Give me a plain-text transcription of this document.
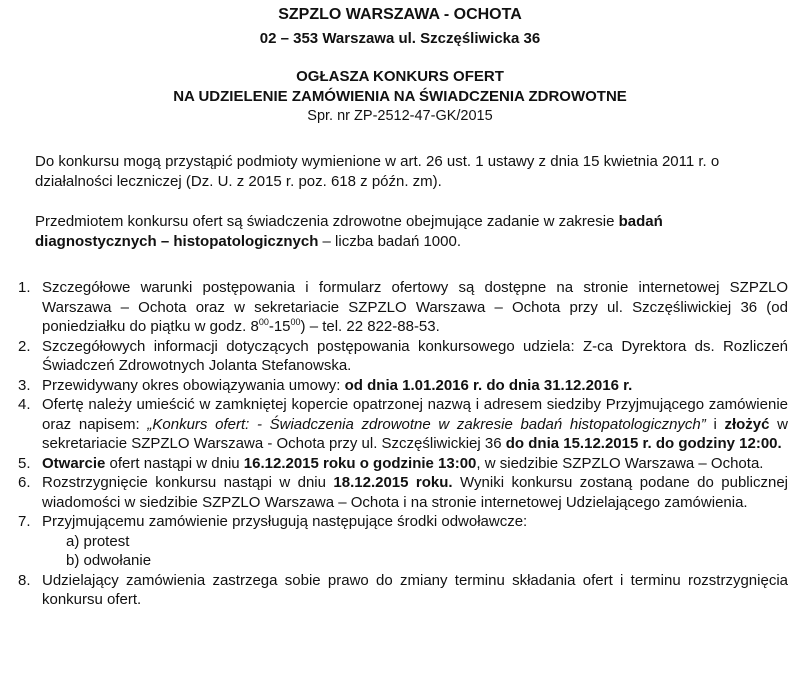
SZPZLO WARSZAWA - OCHOTA
02 – 353 Warszawa ul. Szczęśliwicka 36
OGŁASZA KONKURS OFERT
NA UDZIELENIE ZAMÓWIENIA NA ŚWIADCZENIA ZDROWOTNE
Spr. nr ZP-2512-47-GK/2015
Do konkursu mogą przystąpić podmioty wymienione w art. 26 ust. 1 ustawy z dnia 15 kwietnia 2011 r. o działalności leczniczej (Dz. U. z 2015 r. poz. 618 z późn. zm).
Przedmiotem konkursu ofert są świadczenia zdrowotne obejmujące zadanie w zakresie badań diagnostycznych – histopatologicznych – liczba badań 1000.
1. Szczegółowe warunki postępowania i formularz ofertowy są dostępne na stronie internetowej SZPZLO Warszawa – Ochota oraz w sekretariacie SZPZLO Warszawa – Ochota przy ul. Szczęśliwickiej 36 (od poniedziałku do piątku w godz. $8^{00}-15^{00}$) – tel. 22 822-88-53.
2. Szczegółowych informacji dotyczących postępowania konkursowego udziela: Z-ca Dyrektora ds. Rozliczeń Świadczeń Zdrowotnych Jolanta Stefanowska.
3. Przewidywany okres obowiązywania umowy: od dnia 1.01.2016 r. do dnia 31.12.2016 r.
4. Ofertę należy umieścić w zamkniętej kopercie opatrzonej nazwą i adresem siedziby Przyjmującego zamówienie oraz napisem: „Konkurs ofert: - Świadczenia zdrowotne w zakresie badań histopatologicznych” i złożyć w sekretariacie SZPZLO Warszawa - Ochota przy ul. Szczęśliwickiej 36 do dnia 15.12.2015 r. do godziny 12:00.
5. Otwarcie ofert nastąpi w dniu 16.12.2015 roku o godzinie 13:00, w siedzibie SZPZLO Warszawa – Ochota.
6. Rozstrzygnięcie konkursu nastąpi w dniu 18.12.2015 roku. Wyniki konkursu zostaną podane do publicznej wiadomości w siedzibie SZPZLO Warszawa – Ochota i na stronie internetowej Udzielającego zamówienia.
7. Przyjmującemu zamówienie przysługują następujące środki odwoławcze:
a) protest
b) odwołanie
8. Udzielający zamówienia zastrzega sobie prawo do zmiany terminu składania ofert i terminu rozstrzygnięcia konkursu ofert.
